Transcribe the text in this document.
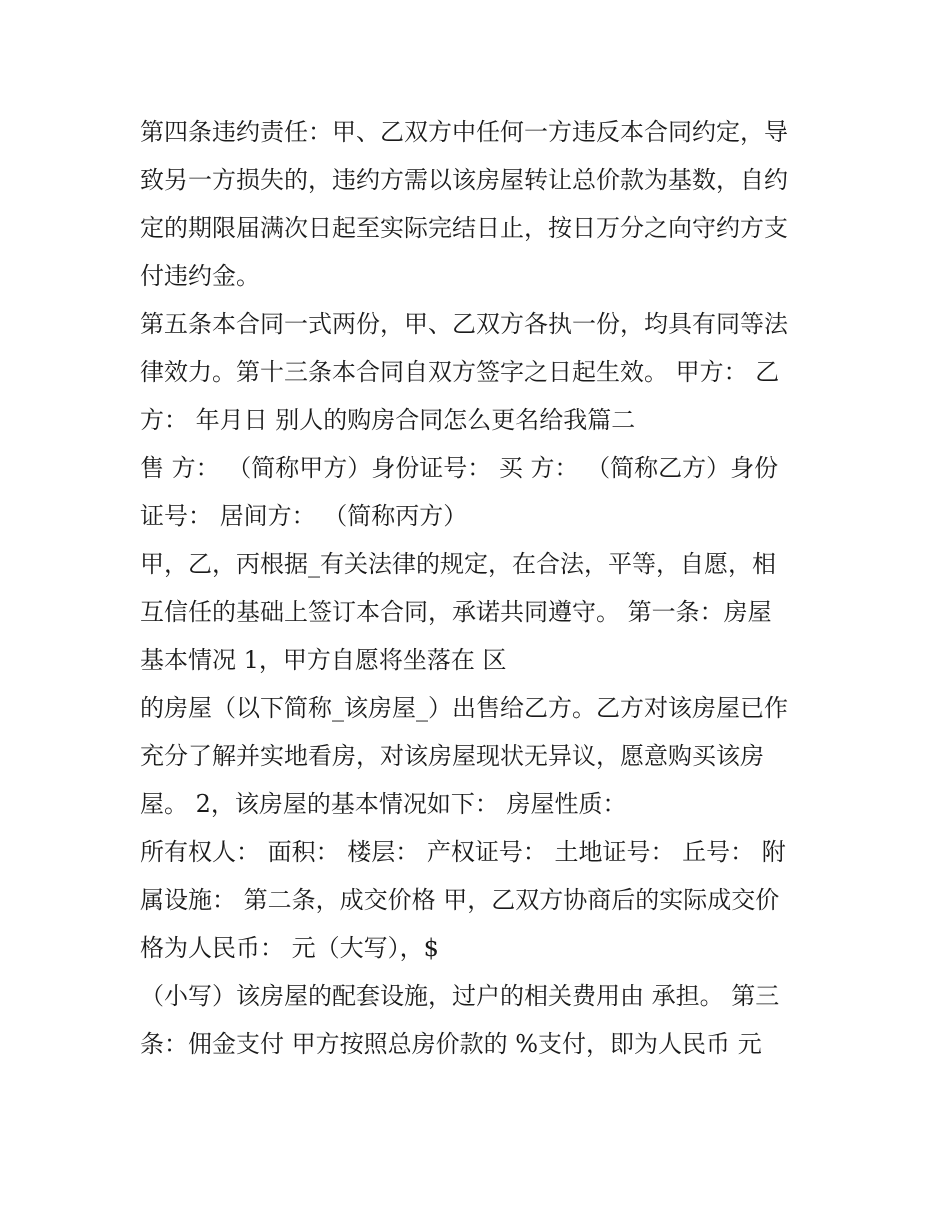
第四条违约责任：甲、乙双方中任何一方违反本合同约定，导
致另一方损失的，违约方需以该房屋转让总价款为基数，自约
定的期限届满次日起至实际完结日止，按日万分之向守约方支
付违约金。
第五条本合同一式两份，甲、乙双方各执一份，均具有同等法
律效力。第十三条本合同自双方签字之日起生效。 甲方： 乙
方： 年月日 别人的购房合同怎么更名给我篇二
售 方： （简称甲方）身份证号： 买 方： （简称乙方）身份
证号： 居间方： （简称丙方）
甲，乙，丙根据_有关法律的规定，在合法，平等，自愿，相
互信任的基础上签订本合同，承诺共同遵守。 第一条：房屋
基本情况 1，甲方自愿将坐落在 区
的房屋（以下简称_该房屋_）出售给乙方。乙方对该房屋已作
充分了解并实地看房，对该房屋现状无异议，愿意购买该房
屋。 2，该房屋的基本情况如下： 房屋性质：
所有权人： 面积： 楼层： 产权证号： 土地证号： 丘号： 附
属设施： 第二条，成交价格 甲，乙双方协商后的实际成交价
格为人民币： 元（大写），$
（小写）该房屋的配套设施，过户的相关费用由 承担。 第三
条：佣金支付 甲方按照总房价款的 %支付，即为人民币 元
